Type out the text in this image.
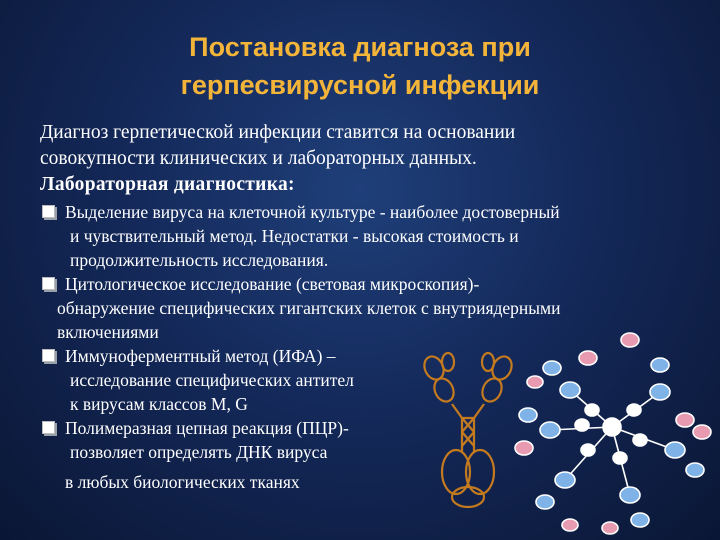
Постановка диагноза при
герпесвирусной инфекции
Диагноз герпетической инфекции ставится на основании
совокупности клинических и лабораторных данных.
Лабораторная диагностика:
Выделение вируса на клеточной культуре - наиболее достоверный
и чувствительный метод. Недостатки - высокая стоимость и
продолжительность исследования.
Цитологическое исследование (световая микроскопия)-
обнаружение специфических гигантских клеток с внутриядерными
включениями
Иммуноферментный метод (ИФА) –
исследование специфических антител
к вирусам классов M, G
Полимеразная цепная реакция (ПЦР)-
позволяет определять ДНК вируса
в любых биологических тканях
